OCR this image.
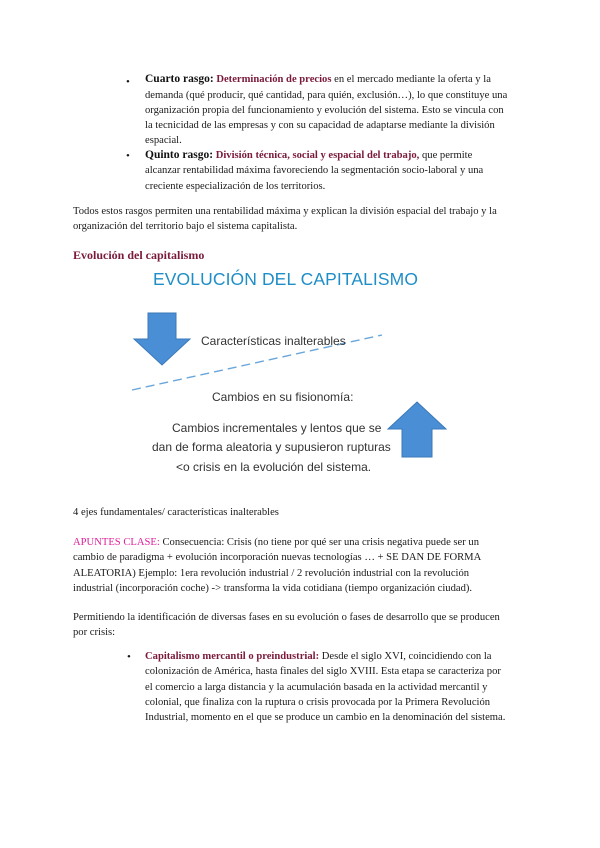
• Cuarto rasgo: Determinación de precios en el mercado mediante la oferta y la
demanda (qué producir, qué cantidad, para quién, exclusión…), lo que constituye una
organización propia del funcionamiento y evolución del sistema. Esto se vincula con
la tecnicidad de las empresas y con su capacidad de adaptarse mediante la división
espacial.
• Quinto rasgo: División técnica, social y espacial del trabajo, que permite
alcanzar rentabilidad máxima favoreciendo la segmentación socio-laboral y una
creciente especialización de los territorios.
Todos estos rasgos permiten una rentabilidad máxima y explican la división espacial del trabajo y la
organización del territorio bajo el sistema capitalista.
Evolución del capitalismo
EVOLUCIÓN DEL CAPITALISMO
Características inalterables
Cambios en su fisionomía:
Cambios incrementales y lentos que se
dan de forma aleatoria y supusieron rupturas
<o crisis en la evolución del sistema.
4 ejes fundamentales/ características inalterables
APUNTES CLASE: Consecuencia: Crisis (no tiene por qué ser una crisis negativa puede ser un
cambio de paradigma + evolución incorporación nuevas tecnologías … + SE DAN DE FORMA
ALEATORIA) Ejemplo: 1era revolución industrial / 2 revolución industrial con la revolución
industrial (incorporación coche) -> transforma la vida cotidiana (tiempo organización ciudad).
Permitiendo la identificación de diversas fases en su evolución o fases de desarrollo que se producen
por crisis:
• Capitalismo mercantil o preindustrial: Desde el siglo XVI, coincidiendo con la
colonización de América, hasta finales del siglo XVIII. Esta etapa se caracteriza por
el comercio a larga distancia y la acumulación basada en la actividad mercantil y
colonial, que finaliza con la ruptura o crisis provocada por la Primera Revolución
Industrial, momento en el que se produce un cambio en la denominación del sistema.
